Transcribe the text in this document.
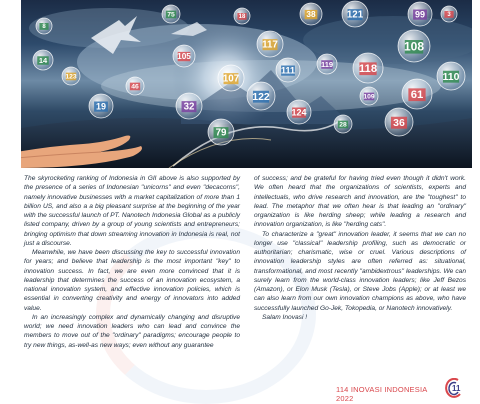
75	18	38	121	99	3
8
14	105
117
111
119 118
108
110
61
107
122	109
124
79
28
46
123
19	32
36

The skyrocketing ranking of Indonesia in GII above is also supported by the presence of a series of Indonesian "unicorns" and even "decacorns", namely innovative businesses with a market capitalization of more than 1 billion US, and also a a big pleasant surprise at the beginning of the year with the successful launch of PT. Nanotech Indonesia Global as a publicly listed company, driven by a group of young scientists and entrepreneurs; bringing optimism that down streaming innovation in Indonesia is real, not just a discourse.

Meanwhile, we have been discussing the key to successful innovation for years; and believe that leadership is the most important "key" to innovation success. In fact, we are even more convinced that it is leadership that determines the success of an innovation ecosystem, a national innovation system, and effective innovation policies, which is essential in converting creativity and energy of innovators into added value.

In an increasingly complex and dynamically changing and disruptive world; we need innovation leaders who can lead and convince the members to move out of the "ordinary" paradigms; encourage people to try new things, as-well-as new ways; even without any guarantee

of success; and be grateful for having tried even though it didn't work. We often heard that the organizations of scientists, experts and intellectuals, who drive research and innovation, are the "toughest" to lead. The metaphor that we often hear is that leading an "ordinary" organization is like herding sheep; while leading a research and innovation organization, is like "herding cats".

To characterize a "great" innovation leader, it seems that we can no longer use "classical" leadership profiling, such as democratic or authoritarian; charismatic, wise or cruel. Various descriptions of innovation leadership styles are often referred as: situational, transformational, and most recently "ambidextrous" leaderships. We can surely learn from the world-class innovation leaders; like Jeff Bezos (Amazon), or Elon Musk (Tesla), or Steve Jobs (Apple); or at least we can also learn from our own innovation champions as above, who have successfully launched Go-Jek, Tokopedia, or Nanotech innovatively.

Salam Inovasi !

114 INOVASI INDONESIA 2022
11
